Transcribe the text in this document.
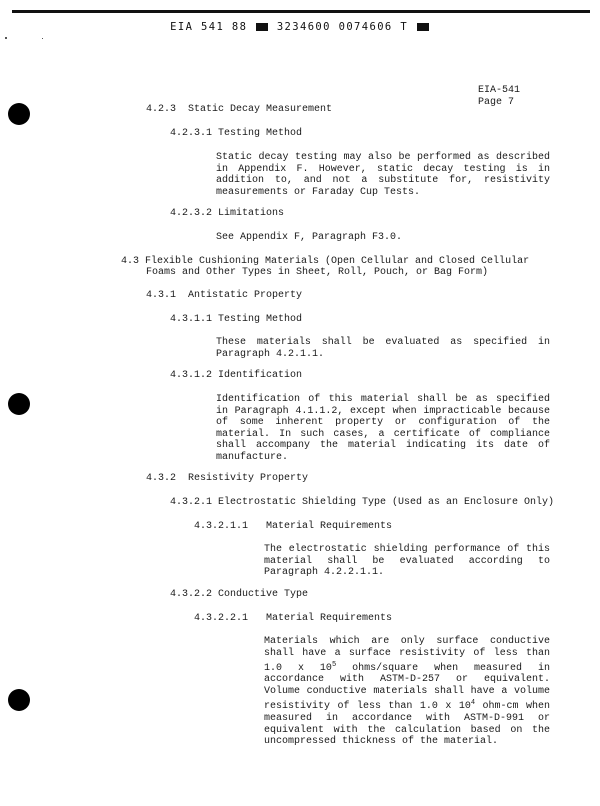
EIA 541 88	3234600 0074606 T
EIA-541
Page 7
4.2.3 Static Decay Measurement
4.2.3.1 Testing Method
Static decay testing may also be performed as described in Appendix F. However, static decay testing is in addition to, and not a substitute for, resistivity measurements or Faraday Cup Tests.
4.2.3.2 Limitations
See Appendix F, Paragraph F3.0.
4.3 Flexible Cushioning Materials (Open Cellular and Closed Cellular
Foams and Other Types in Sheet, Roll, Pouch, or Bag Form)
4.3.1 Antistatic Property
4.3.1.1 Testing Method
These materials shall be evaluated as specified in Paragraph 4.2.1.1.
4.3.1.2 Identification
Identification of this material shall be as specified in Paragraph 4.1.1.2, except when impracticable because of some inherent property or configuration of the material. In such cases, a certificate of compliance shall accompany the material indicating its date of manufacture.
4.3.2 Resistivity Property
4.3.2.1 Electrostatic Shielding Type (Used as an Enclosure Only)
4.3.2.1.1 Material Requirements
The electrostatic shielding performance of this material shall be evaluated according to Paragraph 4.2.2.1.1.
4.3.2.2 Conductive Type
4.3.2.2.1 Material Requirements
Materials which are only surface conductive shall have a surface resistivity of less than 1.0 x $10^5$ ohms/square when measured in accordance with ASTM-D-257 or equivalent. Volume conductive materials shall have a volume resistivity of less than 1.0 x $10^4$ ohm-cm when measured in accordance with ASTM-D-991 or equivalent with the calculation based on the uncompressed thickness of the material.
